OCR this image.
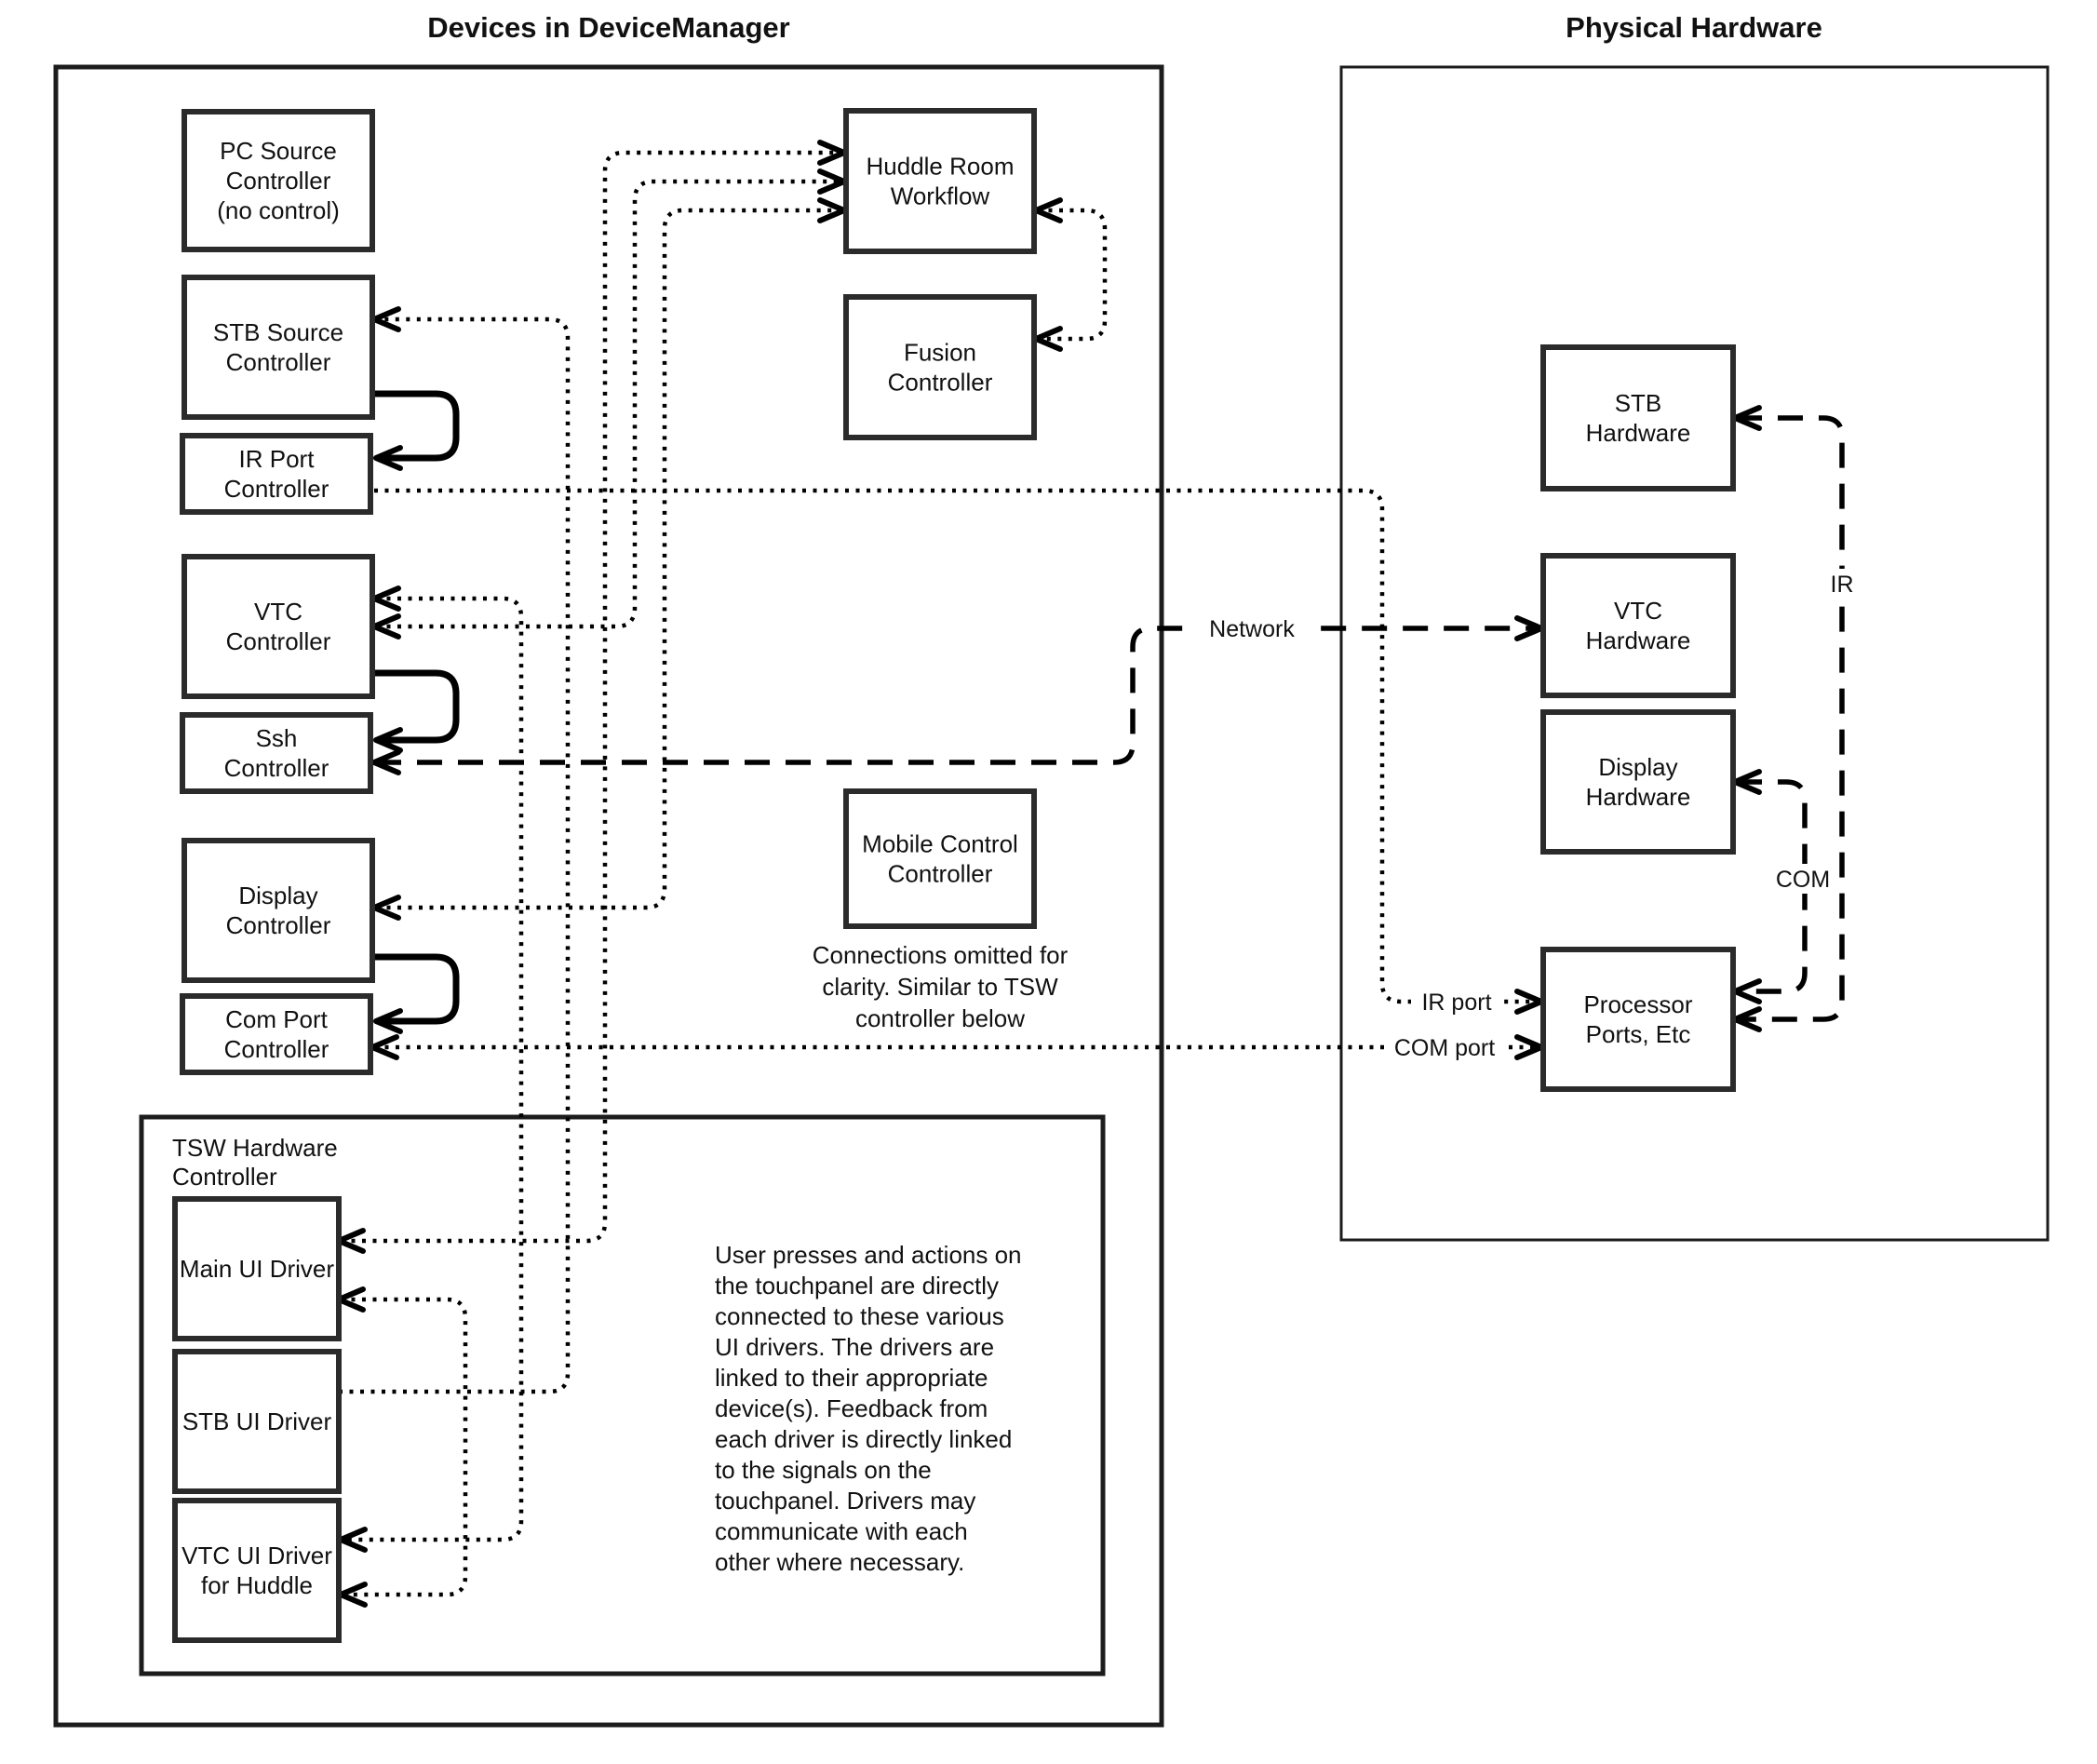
Devices in DeviceManager	Physical Hardware
TSW Hardware
Controller
PC Source
Controller
(no control)
STB Source
Controller
IR Port
Controller
VTC
Controller
Ssh
Controller
Display
Controller
Com Port
Controller
Huddle Room
Workflow
Fusion
Controller
Mobile Control
Controller
Main UI Driver
STB UI Driver
VTC UI Driver
for Huddle
STB
Hardware
VTC
Hardware
Display
Hardware
Processor
Ports, Etc
Network
IR
COM
IR port
COM port
Connections omitted for
clarity. Similar to TSW
controller below
User presses and actions on
the touchpanel are directly
connected to these various
UI drivers. The drivers are
linked to their appropriate
device(s). Feedback from
each driver is directly linked
to the signals on the
touchpanel. Drivers may
communicate with each
other where necessary.
